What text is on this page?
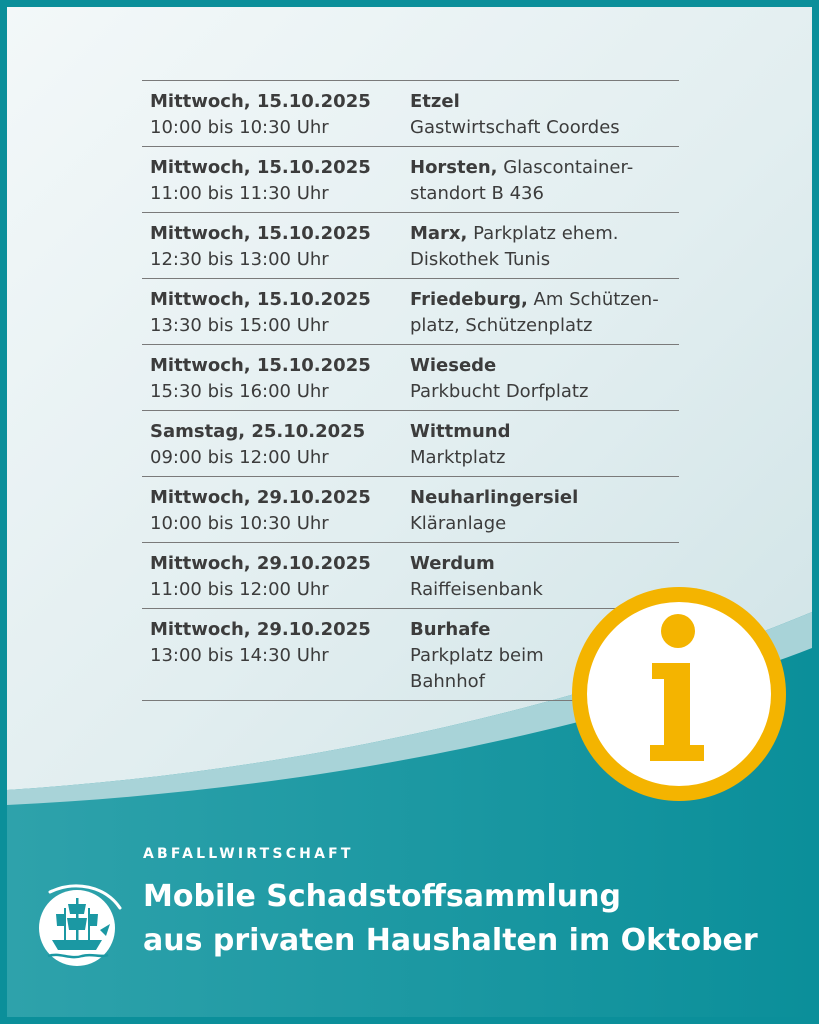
Mittwoch, 15.10.2025
10:00 bis 10:30 Uhr
Etzel
Gastwirtschaft Coordes
Mittwoch, 15.10.2025
11:00 bis 11:30 Uhr
Horsten, Glascontainer-
standort B 436
Mittwoch, 15.10.2025
12:30 bis 13:00 Uhr
Marx, Parkplatz ehem.
Diskothek Tunis
Mittwoch, 15.10.2025
13:30 bis 15:00 Uhr
Friedeburg, Am Schützen-
platz, Schützenplatz
Mittwoch, 15.10.2025
15:30 bis 16:00 Uhr
Wiesede
Parkbucht Dorfplatz
Samstag, 25.10.2025
09:00 bis 12:00 Uhr
Wittmund
Marktplatz
Mittwoch, 29.10.2025
10:00 bis 10:30 Uhr
Neuharlingersiel
Kläranlage
Mittwoch, 29.10.2025
11:00 bis 12:00 Uhr
Werdum
Raiffeisenbank
Mittwoch, 29.10.2025
13:00 bis 14:30 Uhr
Burhafe
Parkplatz beim
Bahnhof
ABFALLWIRTSCHAFT
Mobile Schadstoffsammlung
aus privaten Haushalten im Oktober
